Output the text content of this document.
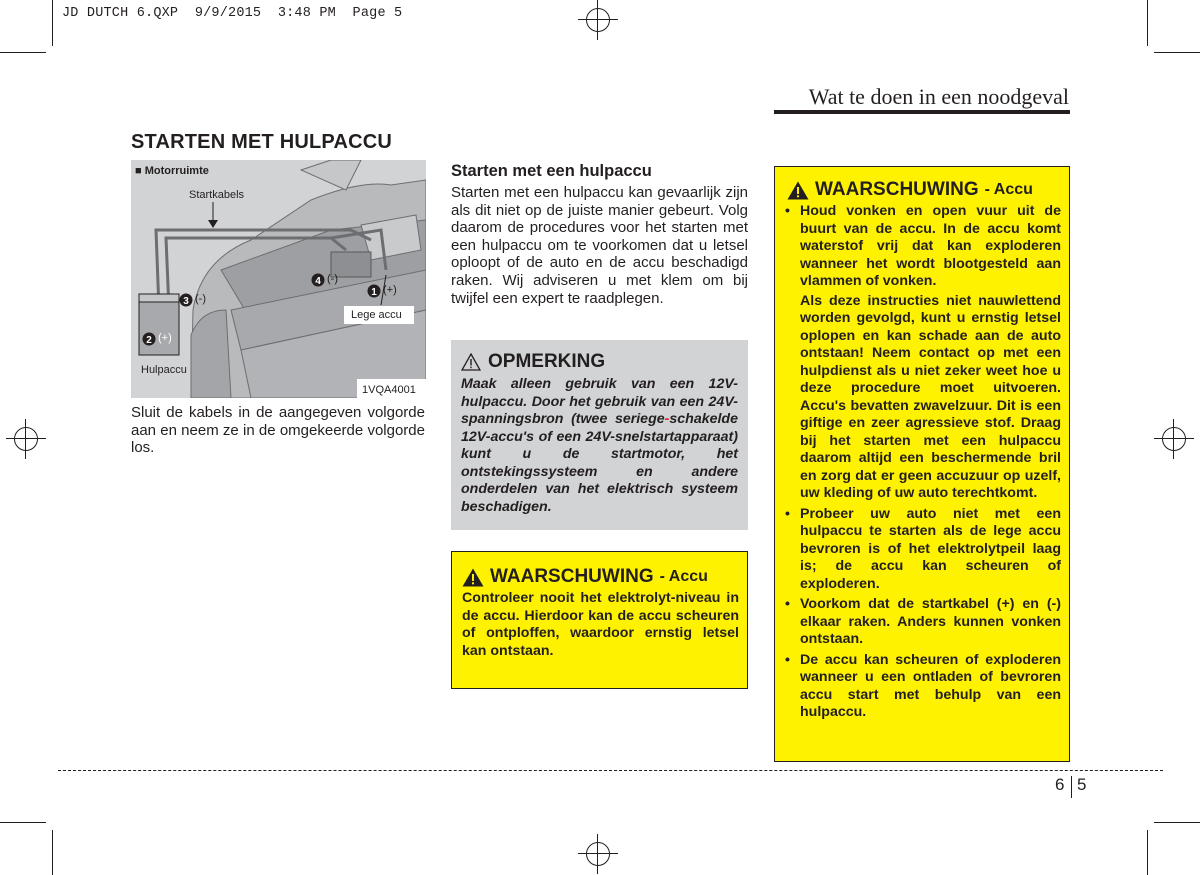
JD DUTCH 6.QXP  9/9/2015  3:48 PM  Page 5
Wat te doen in een noodgeval
STARTEN MET HULPACCU
1
2
3
4
■ Motorruimte
Startkabels
Lege accu
Hulpaccu
1VQA4001
(+)
(+)
(-)
(-)
Sluit de kabels in de aangegeven volgorde aan en neem ze in de omgekeerde volgorde los.
Starten met een hulpaccu
Starten met een hulpaccu kan gevaarlijk zijn als dit niet op de juiste manier gebeurt. Volg daarom de procedures voor het starten met een hulpaccu om te voorkomen dat u letsel oploopt of de auto en de accu beschadigd raken. Wij adviseren u met klem om bij twijfel een expert te raadplegen.
OPMERKING
Maak alleen gebruik van een 12V-hulpaccu. Door het gebruik van een 24V-spanningsbron (twee seriege-schakelde 12V-accu's of een 24V-snelstartapparaat) kunt u de startmotor, het ontstekingssysteem en andere onderdelen van het elektrisch systeem beschadigen.
WAARSCHUWING - Accu
Controleer nooit het elektrolyt-niveau in de accu. Hierdoor kan de accu scheuren of ontploffen, waardoor ernstig letsel kan ontstaan.
WAARSCHUWING - Accu
• Houd vonken en open vuur uit de buurt van de accu. In de accu komt waterstof vrij dat kan exploderen wanneer het wordt blootgesteld aan vlammen of vonken.

Als deze instructies niet nauwlettend worden gevolgd, kunt u ernstig letsel oplopen en kan schade aan de auto ontstaan! Neem contact op met een hulpdienst als u niet zeker weet hoe u deze procedure moet uitvoeren. Accu's bevatten zwavelzuur. Dit is een giftige en zeer agressieve stof. Draag bij het starten met een hulpaccu daarom altijd een beschermende bril en zorg dat er geen accuzuur op uzelf, uw kleding of uw auto terechtkomt.

• Probeer uw auto niet met een hulpaccu te starten als de lege accu bevroren is of het elektrolytpeil laag is; de accu kan scheuren of exploderen.

• Voorkom dat de startkabel (+) en (-) elkaar raken. Anders kunnen vonken ontstaan.

• De accu kan scheuren of exploderen wanneer u een ontladen of bevroren accu start met behulp van een hulpaccu.

6 5
